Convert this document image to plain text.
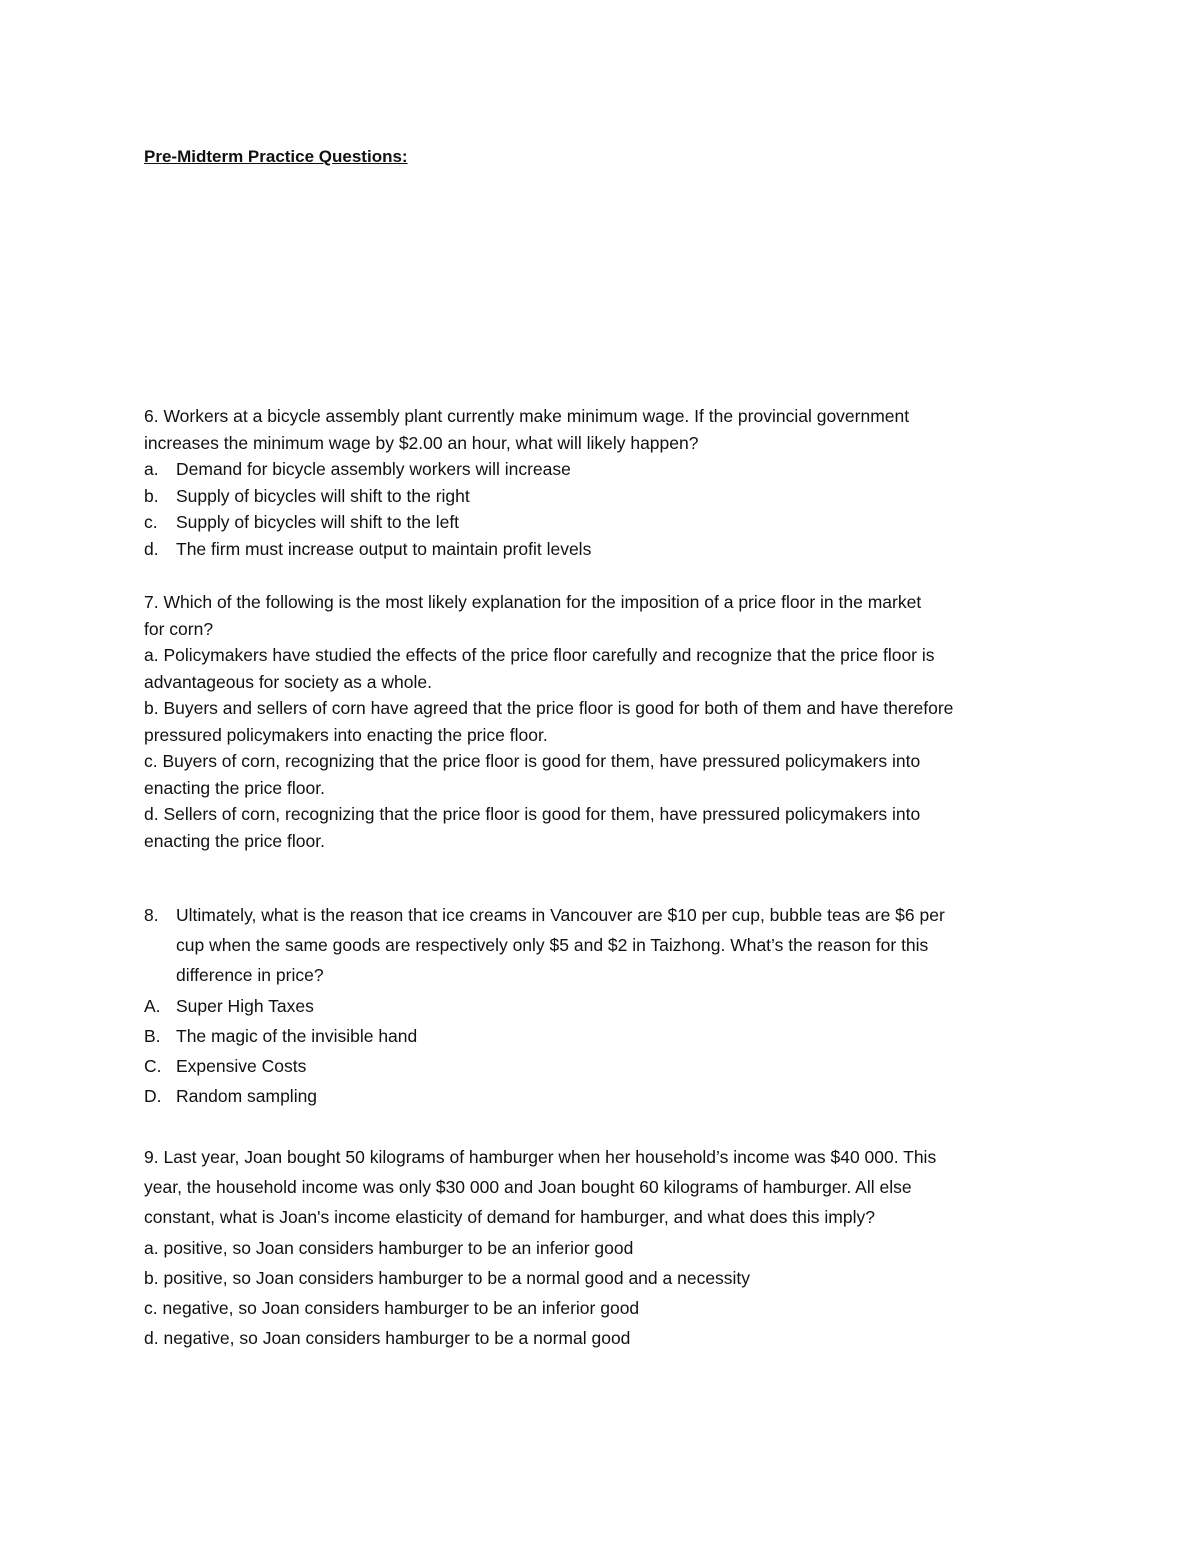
Pre-Midterm Practice Questions:
6. Workers at a bicycle assembly plant currently make minimum wage. If the provincial government
increases the minimum wage by $2.00 an hour, what will likely happen?
a. Demand for bicycle assembly workers will increase
b. Supply of bicycles will shift to the right
c.	Supply of bicycles will shift to the left
d. The firm must increase output to maintain profit levels
7. Which of the following is the most likely explanation for the imposition of a price floor in the market
for corn?
a. Policymakers have studied the effects of the price floor carefully and recognize that the price floor is
advantageous for society as a whole.
b. Buyers and sellers of corn have agreed that the price floor is good for both of them and have therefore
pressured policymakers into enacting the price floor.
c. Buyers of corn, recognizing that the price floor is good for them, have pressured policymakers into
enacting the price floor.
d. Sellers of corn, recognizing that the price floor is good for them, have pressured policymakers into
enacting the price floor.
8. Ultimately, what is the reason that ice creams in Vancouver are $10 per cup, bubble teas are $6 per
cup when the same goods are respectively only $5 and $2 in Taizhong. What’s the reason for this
difference in price?
A. Super High Taxes
B. The magic of the invisible hand
C. Expensive Costs
D. Random sampling
9. Last year, Joan bought 50 kilograms of hamburger when her household’s income was $40 000. This
year, the household income was only $30 000 and Joan bought 60 kilograms of hamburger. All else
constant, what is Joan's income elasticity of demand for hamburger, and what does this imply?
a. positive, so Joan considers hamburger to be an inferior good
b. positive, so Joan considers hamburger to be a normal good and a necessity
c. negative, so Joan considers hamburger to be an inferior good
d. negative, so Joan considers hamburger to be a normal good
